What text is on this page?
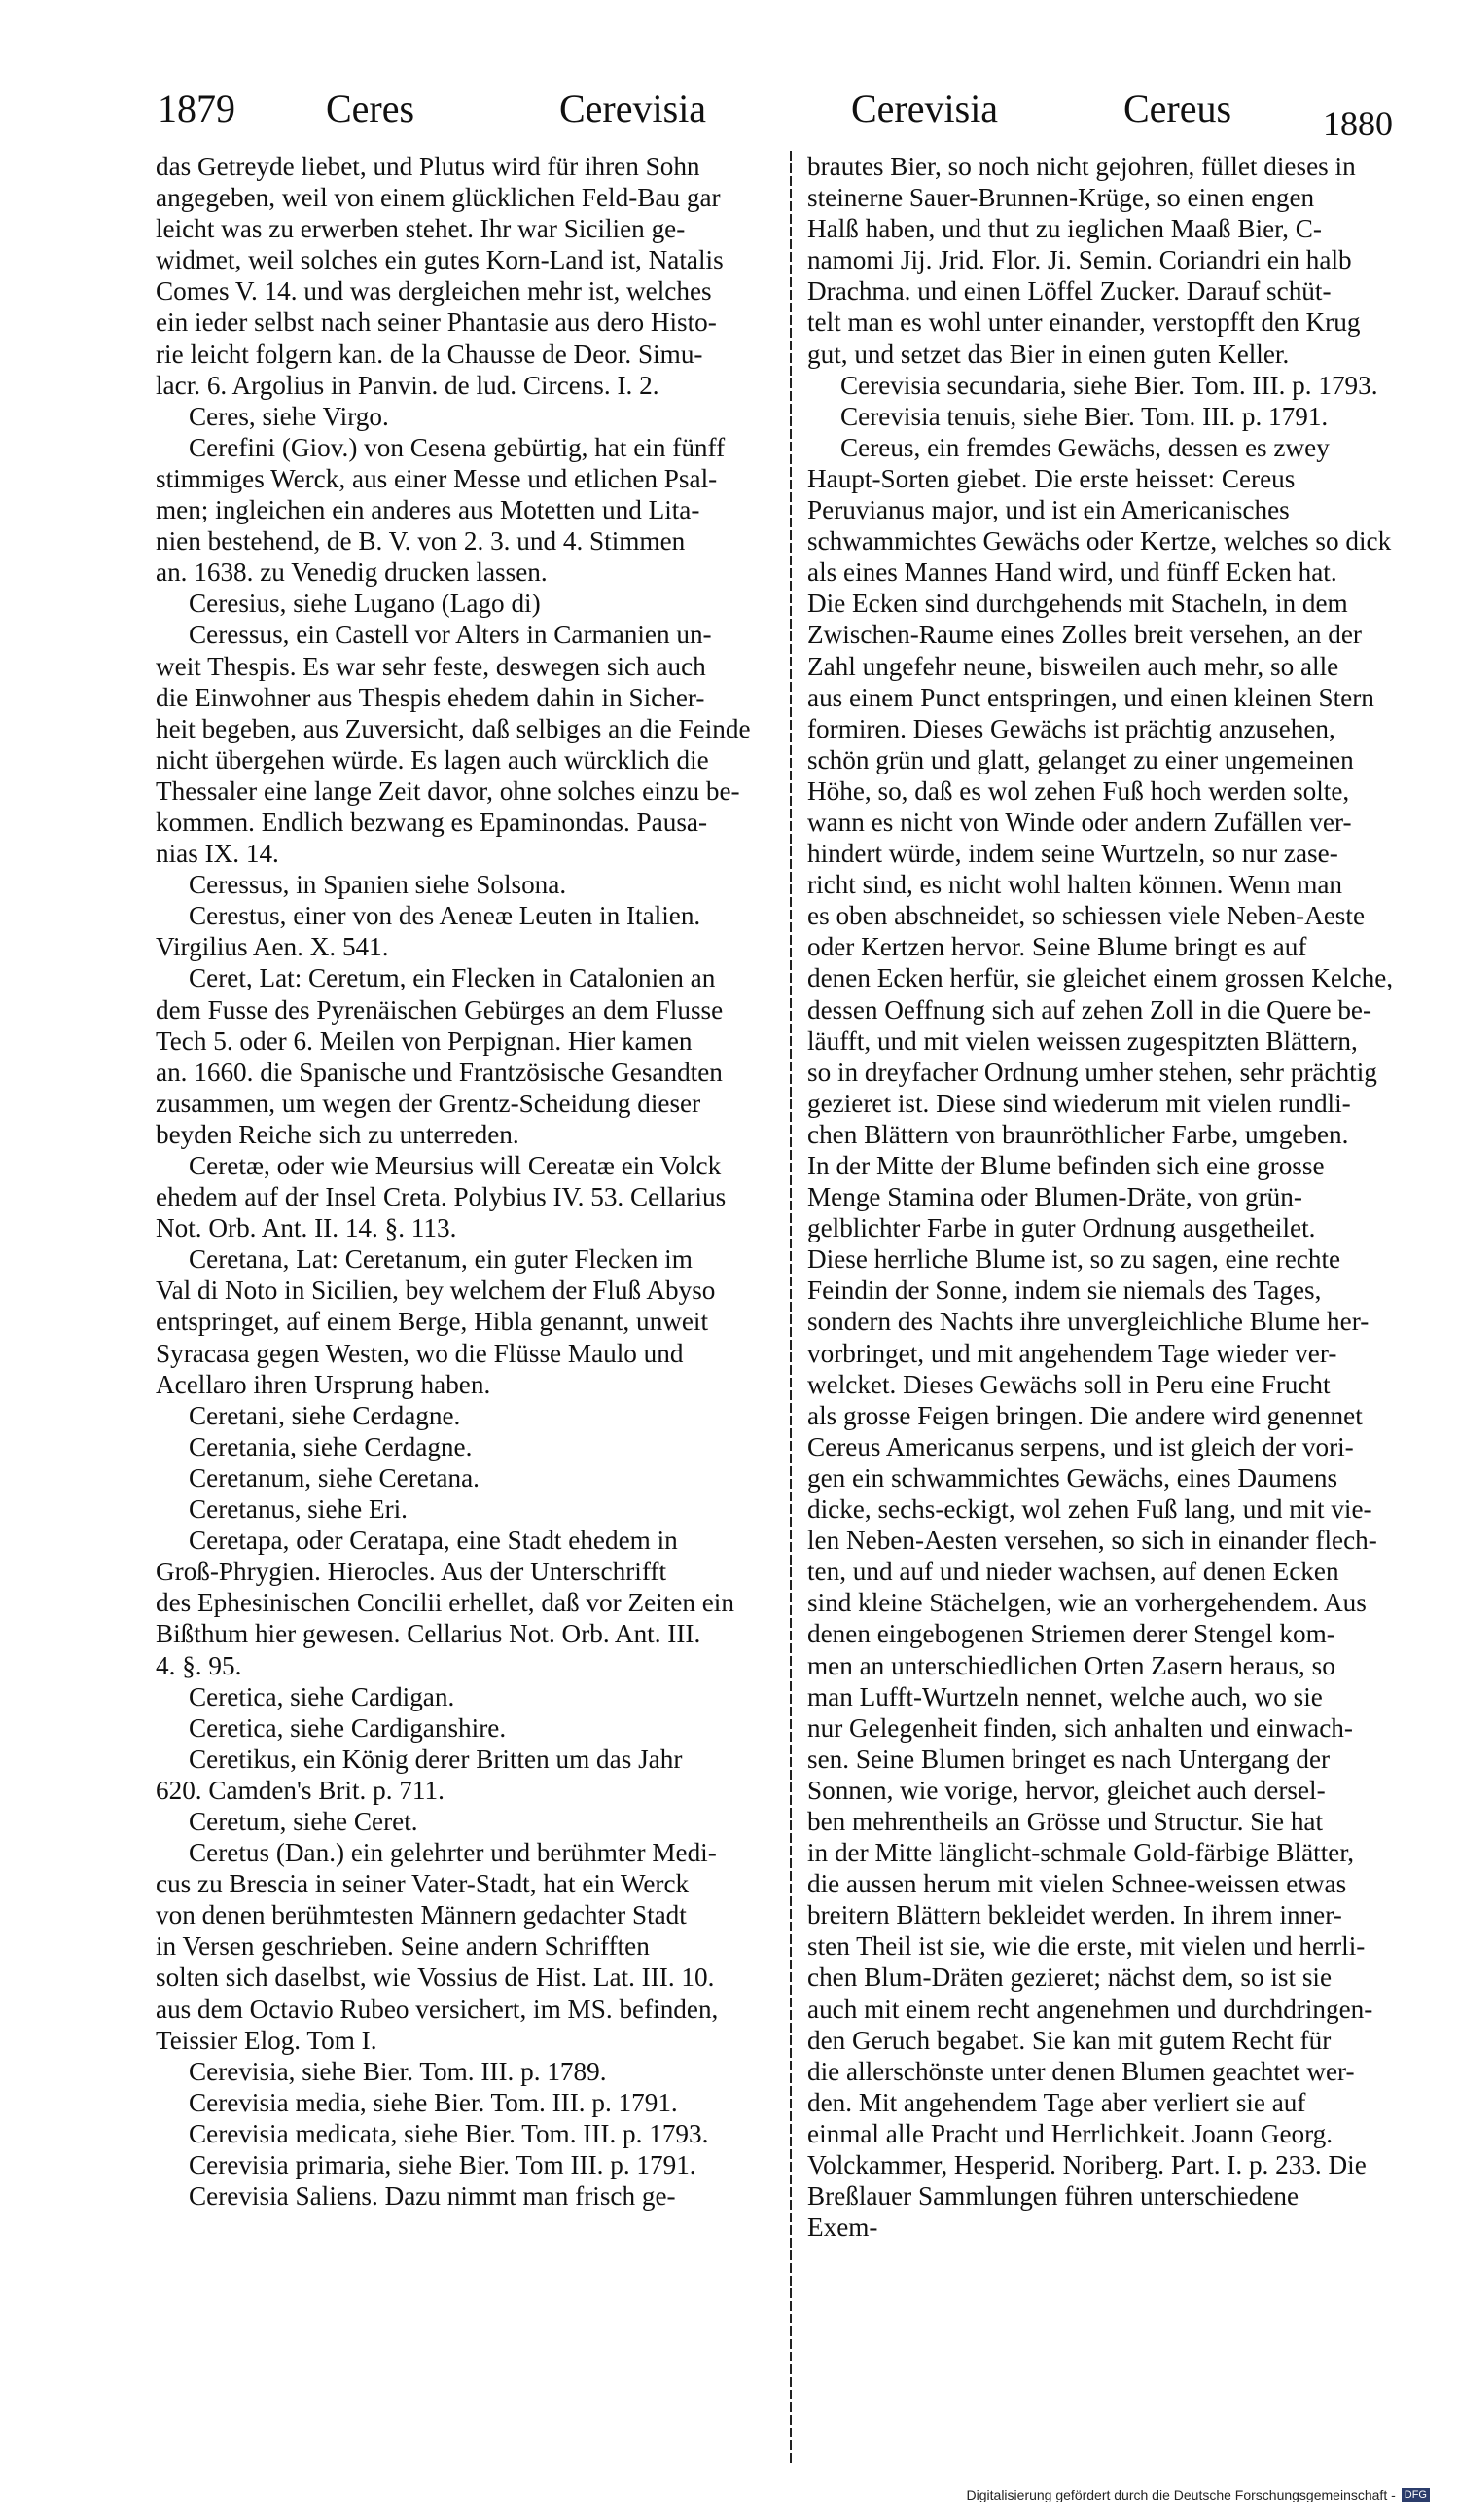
1879 Ceres	Cerevisia	Cerevisia	Cereus	1880
das Getreyde liebet, und Plutus wird für ihren Sohn
angegeben, weil von einem glücklichen Feld-Bau gar
leicht was zu erwerben stehet. Ihr war Sicilien ge-
widmet, weil solches ein gutes Korn-Land ist, Natalis
Comes V. 14. und was dergleichen mehr ist, welches
ein ieder selbst nach seiner Phantasie aus dero Histo-
rie leicht folgern kan. de la Chausse de Deor. Simu-
lacr. 6. Argolius in Panvin. de lud. Circens. I. 2.
Ceres, siehe Virgo.
Cerefini (Giov.) von Cesena gebürtig, hat ein fünff
stimmiges Werck, aus einer Messe und etlichen Psal-
men; ingleichen ein anderes aus Motetten und Lita-
nien bestehend, de B. V. von 2. 3. und 4. Stimmen
an. 1638. zu Venedig drucken lassen.
Ceresius, siehe Lugano (Lago di)
Ceressus, ein Castell vor Alters in Carmanien un-
weit Thespis. Es war sehr feste, deswegen sich auch
die Einwohner aus Thespis ehedem dahin in Sicher-
heit begeben, aus Zuversicht, daß selbiges an die Feinde
nicht übergehen würde. Es lagen auch würcklich die
Thessaler eine lange Zeit davor, ohne solches einzu be-
kommen. Endlich bezwang es Epaminondas. Pausa-
nias IX. 14.
Ceressus, in Spanien siehe Solsona.
Cerestus, einer von des Aeneæ Leuten in Italien.
Virgilius Aen. X. 541.
Ceret, Lat: Ceretum, ein Flecken in Catalonien an
dem Fusse des Pyrenäischen Gebürges an dem Flusse
Tech 5. oder 6. Meilen von Perpignan. Hier kamen
an. 1660. die Spanische und Frantzösische Gesandten
zusammen, um wegen der Grentz-Scheidung dieser
beyden Reiche sich zu unterreden.
Ceretæ, oder wie Meursius will Cereatæ ein Volck
ehedem auf der Insel Creta. Polybius IV. 53. Cellarius
Not. Orb. Ant. II. 14. §. 113.
Ceretana, Lat: Ceretanum, ein guter Flecken im
Val di Noto in Sicilien, bey welchem der Fluß Abyso
entspringet, auf einem Berge, Hibla genannt, unweit
Syracasa gegen Westen, wo die Flüsse Maulo und
Acellaro ihren Ursprung haben.
Ceretani, siehe Cerdagne.
Ceretania, siehe Cerdagne.
Ceretanum, siehe Ceretana.
Ceretanus, siehe Eri.
Ceretapa, oder Ceratapa, eine Stadt ehedem in
Groß-Phrygien. Hierocles. Aus der Unterschrifft
des Ephesinischen Concilii erhellet, daß vor Zeiten ein
Bißthum hier gewesen. Cellarius Not. Orb. Ant. III.
4. §. 95.
Ceretica, siehe Cardigan.
Ceretica, siehe Cardiganshire.
Ceretikus, ein König derer Britten um das Jahr
620. Camden's Brit. p. 711.
Ceretum, siehe Ceret.
Ceretus (Dan.) ein gelehrter und berühmter Medi-
cus zu Brescia in seiner Vater-Stadt, hat ein Werck
von denen berühmtesten Männern gedachter Stadt
in Versen geschrieben. Seine andern Schrifften
solten sich daselbst, wie Vossius de Hist. Lat. III. 10.
aus dem Octavio Rubeo versichert, im MS. befinden,
Teissier Elog. Tom I.
Cerevisia, siehe Bier. Tom. III. p. 1789.
Cerevisia media, siehe Bier. Tom. III. p. 1791.
Cerevisia medicata, siehe Bier. Tom. III. p. 1793.
Cerevisia primaria, siehe Bier. Tom III. p. 1791.
Cerevisia Saliens. Dazu nimmt man frisch ge-
brautes Bier, so noch nicht gejohren, füllet dieses in
steinerne Sauer-Brunnen-Krüge, so einen engen
Halß haben, und thut zu ieglichen Maaß Bier, C-
namomi Jij. Jrid. Flor. Ji. Semin. Coriandri ein halb
Drachma. und einen Löffel Zucker. Darauf schüt-
telt man es wohl unter einander, verstopfft den Krug
gut, und setzet das Bier in einen guten Keller.
Cerevisia secundaria, siehe Bier. Tom. III. p. 1793.
Cerevisia tenuis, siehe Bier. Tom. III. p. 1791.
Cereus, ein fremdes Gewächs, dessen es zwey
Haupt-Sorten giebet. Die erste heisset: Cereus
Peruvianus major, und ist ein Americanisches
schwammichtes Gewächs oder Kertze, welches so dick
als eines Mannes Hand wird, und fünff Ecken hat.
Die Ecken sind durchgehends mit Stacheln, in dem
Zwischen-Raume eines Zolles breit versehen, an der
Zahl ungefehr neune, bisweilen auch mehr, so alle
aus einem Punct entspringen, und einen kleinen Stern
formiren. Dieses Gewächs ist prächtig anzusehen,
schön grün und glatt, gelanget zu einer ungemeinen
Höhe, so, daß es wol zehen Fuß hoch werden solte,
wann es nicht von Winde oder andern Zufällen ver-
hindert würde, indem seine Wurtzeln, so nur zase-
richt sind, es nicht wohl halten können. Wenn man
es oben abschneidet, so schiessen viele Neben-Aeste
oder Kertzen hervor. Seine Blume bringt es auf
denen Ecken herfür, sie gleichet einem grossen Kelche,
dessen Oeffnung sich auf zehen Zoll in die Quere be-
läufft, und mit vielen weissen zugespitzten Blättern,
so in dreyfacher Ordnung umher stehen, sehr prächtig
gezieret ist. Diese sind wiederum mit vielen rundli-
chen Blättern von braunröthlicher Farbe, umgeben.
In der Mitte der Blume befinden sich eine grosse
Menge Stamina oder Blumen-Dräte, von grün-
gelblichter Farbe in guter Ordnung ausgetheilet.
Diese herrliche Blume ist, so zu sagen, eine rechte
Feindin der Sonne, indem sie niemals des Tages,
sondern des Nachts ihre unvergleichliche Blume her-
vorbringet, und mit angehendem Tage wieder ver-
welcket. Dieses Gewächs soll in Peru eine Frucht
als grosse Feigen bringen. Die andere wird genennet
Cereus Americanus serpens, und ist gleich der vori-
gen ein schwammichtes Gewächs, eines Daumens
dicke, sechs-eckigt, wol zehen Fuß lang, und mit vie-
len Neben-Aesten versehen, so sich in einander flech-
ten, und auf und nieder wachsen, auf denen Ecken
sind kleine Stächelgen, wie an vorhergehendem. Aus
denen eingebogenen Striemen derer Stengel kom-
men an unterschiedlichen Orten Zasern heraus, so
man Lufft-Wurtzeln nennet, welche auch, wo sie
nur Gelegenheit finden, sich anhalten und einwach-
sen. Seine Blumen bringet es nach Untergang der
Sonnen, wie vorige, hervor, gleichet auch dersel-
ben mehrentheils an Grösse und Structur. Sie hat
in der Mitte länglicht-schmale Gold-färbige Blätter,
die aussen herum mit vielen Schnee-weissen etwas
breitern Blättern bekleidet werden. In ihrem inner-
sten Theil ist sie, wie die erste, mit vielen und herrli-
chen Blum-Dräten gezieret; nächst dem, so ist sie
auch mit einem recht angenehmen und durchdringen-
den Geruch begabet. Sie kan mit gutem Recht für
die allerschönste unter denen Blumen geachtet wer-
den. Mit angehendem Tage aber verliert sie auf
einmal alle Pracht und Herrlichkeit. Joann Georg.
Volckammer, Hesperid. Noriberg. Part. I. p. 233. Die
Breßlauer Sammlungen führen unterschiedene
Exem-
Digitalisierung gefördert durch die Deutsche Forschungsgemeinschaft - DFG
